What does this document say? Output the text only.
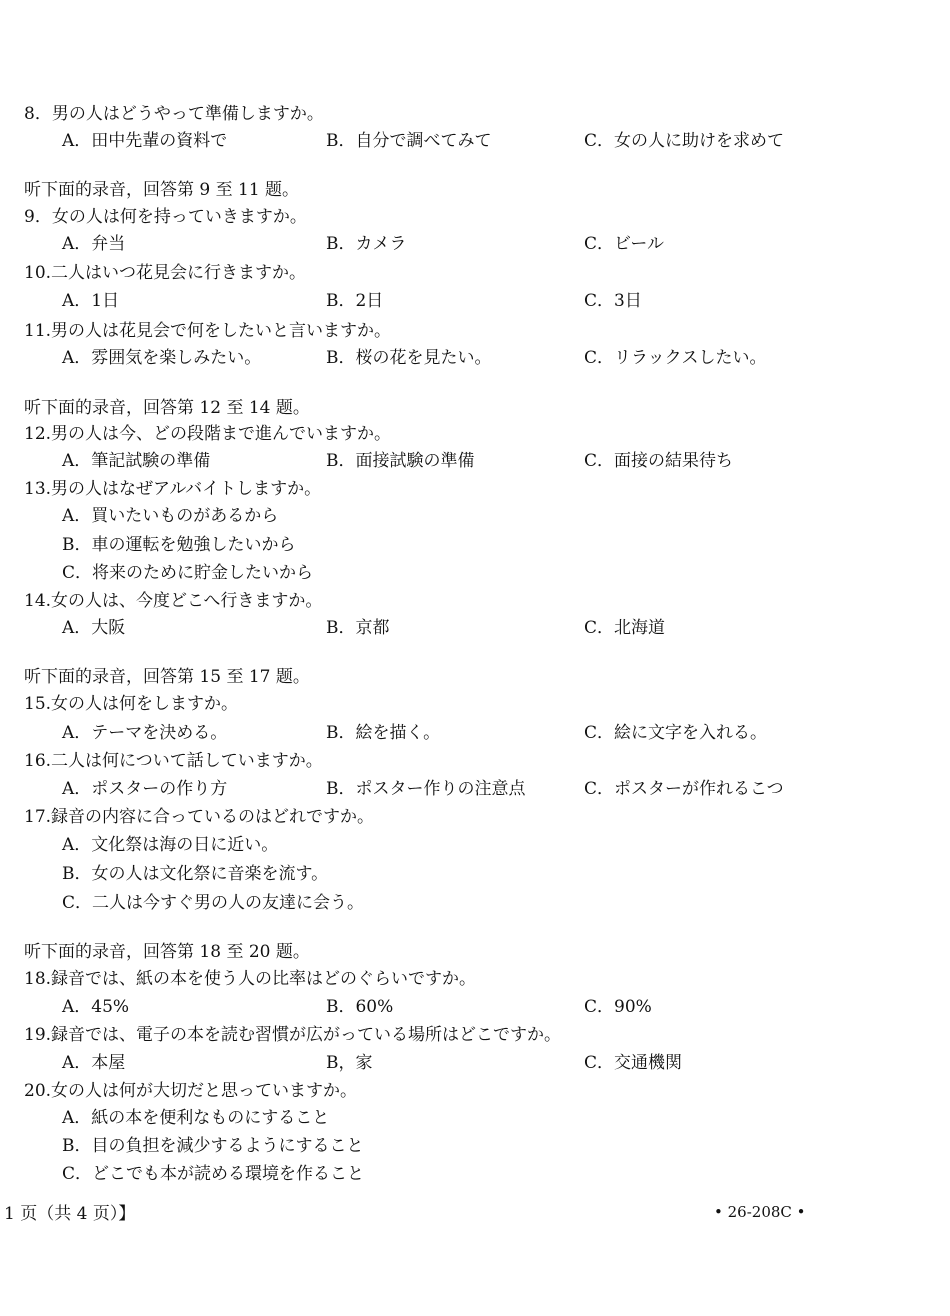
8．男の人はどうやって準備しますか。
A．田中先輩の資料で	B．自分で調べてみて	C．女の人に助けを求めて
听下面的录音，回答第 9 至 11 题。
9．女の人は何を持っていきますか。
A．弁当	B．カメラ	C．ビール
10.二人はいつ花見会に行きますか。
A．1日	B．2日	C．3日
11.男の人は花見会で何をしたいと言いますか。
A．雰囲気を楽しみたい。	B．桜の花を見たい。	C．リラックスしたい。
听下面的录音，回答第 12 至 14 题。
12.男の人は今、どの段階まで進んでいますか。
A．筆記試験の準備	B．面接試験の準備	C．面接の結果待ち
13.男の人はなぜアルバイトしますか。
A．買いたいものがあるから
B．車の運転を勉強したいから
C．将来のために貯金したいから
14.女の人は、今度どこへ行きますか。
A．大阪	B．京都	C．北海道
听下面的录音，回答第 15 至 17 题。
15.女の人は何をしますか。
A．テーマを決める。	B．絵を描く。	C．絵に文字を入れる。
16.二人は何について話していますか。
A．ポスターの作り方	B．ポスター作りの注意点	C．ポスターが作れるこつ
17.録音の内容に合っているのはどれですか。
A．文化祭は海の日に近い。
B．女の人は文化祭に音楽を流す。
C．二人は今すぐ男の人の友達に会う。
听下面的录音，回答第 18 至 20 题。
18.録音では、紙の本を使う人の比率はどのぐらいですか。
A．45%	B．60%	C．90%
19.録音では、電子の本を読む習慣が広がっている場所はどこですか。
A．本屋	B，家	C．交通機関
20.女の人は何が大切だと思っていますか。
A．紙の本を便利なものにすること
B．目の負担を減少するようにすること
C．どこでも本が読める環境を作ること
1 页（共 4 页）】	• 26-208C •
